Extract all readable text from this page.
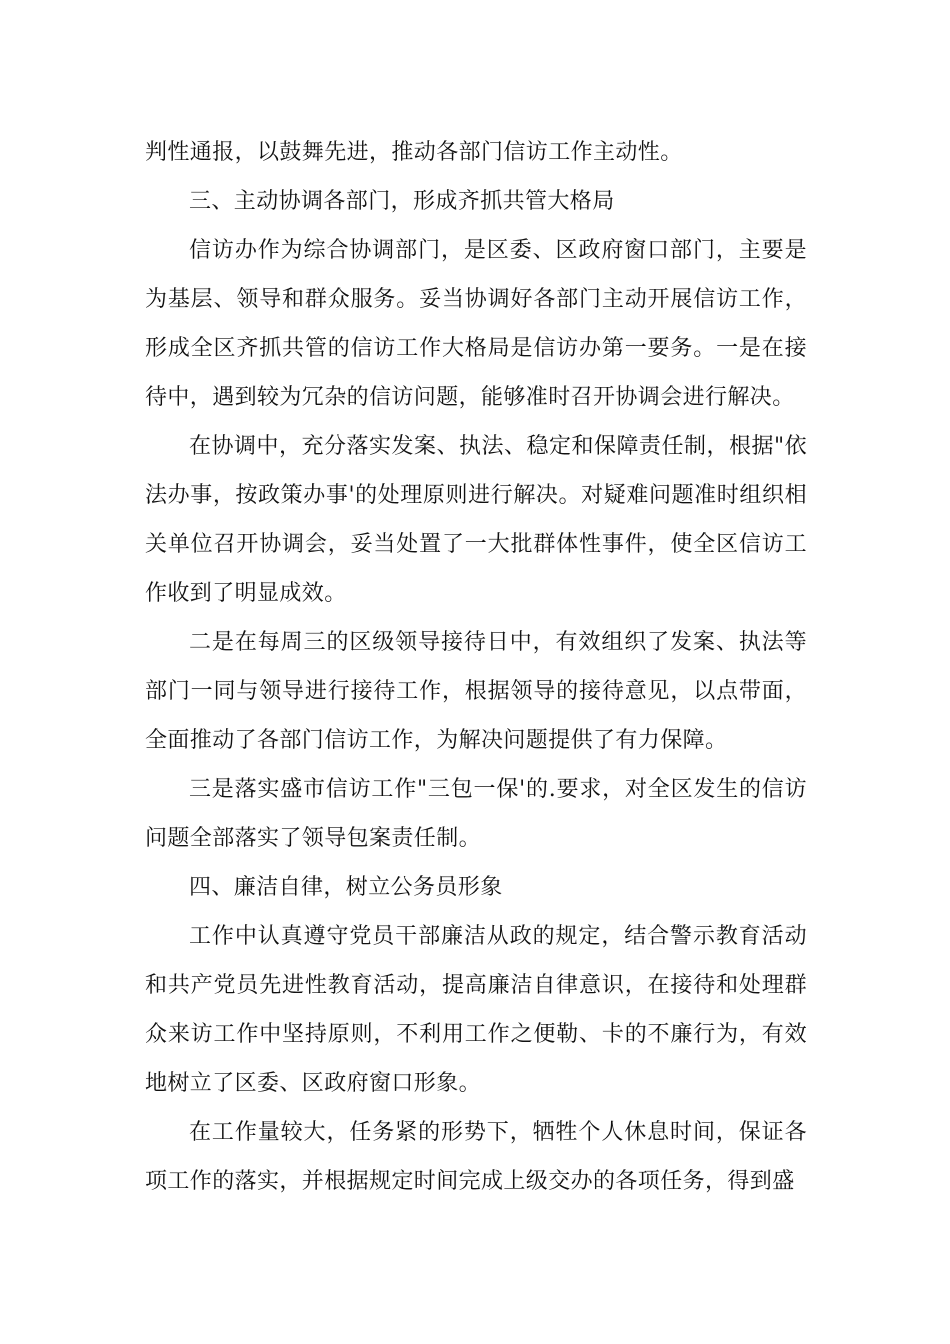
判性通报，以鼓舞先进，推动各部门信访工作主动性。

三、主动协调各部门，形成齐抓共管大格局

信访办作为综合协调部门，是区委、区政府窗口部门，主要是为基层、领导和群众服务。妥当协调好各部门主动开展信访工作，形成全区齐抓共管的信访工作大格局是信访办第一要务。一是在接待中，遇到较为冗杂的信访问题，能够准时召开协调会进行解决。

在协调中，充分落实发案、执法、稳定和保障责任制，根据"依法办事，按政策办事'的处理原则进行解决。对疑难问题准时组织相关单位召开协调会，妥当处置了一大批群体性事件，使全区信访工作收到了明显成效。

二是在每周三的区级领导接待日中，有效组织了发案、执法等部门一同与领导进行接待工作，根据领导的接待意见，以点带面，全面推动了各部门信访工作，为解决问题提供了有力保障。

三是落实盛市信访工作"三包一保'的.要求，对全区发生的信访问题全部落实了领导包案责任制。

四、廉洁自律，树立公务员形象

工作中认真遵守党员干部廉洁从政的规定，结合警示教育活动和共产党员先进性教育活动，提高廉洁自律意识，在接待和处理群众来访工作中坚持原则，不利用工作之便勒、卡的不廉行为，有效地树立了区委、区政府窗口形象。

在工作量较大，任务紧的形势下，牺牲个人休息时间，保证各项工作的落实，并根据规定时间完成上级交办的各项任务，得到盛
